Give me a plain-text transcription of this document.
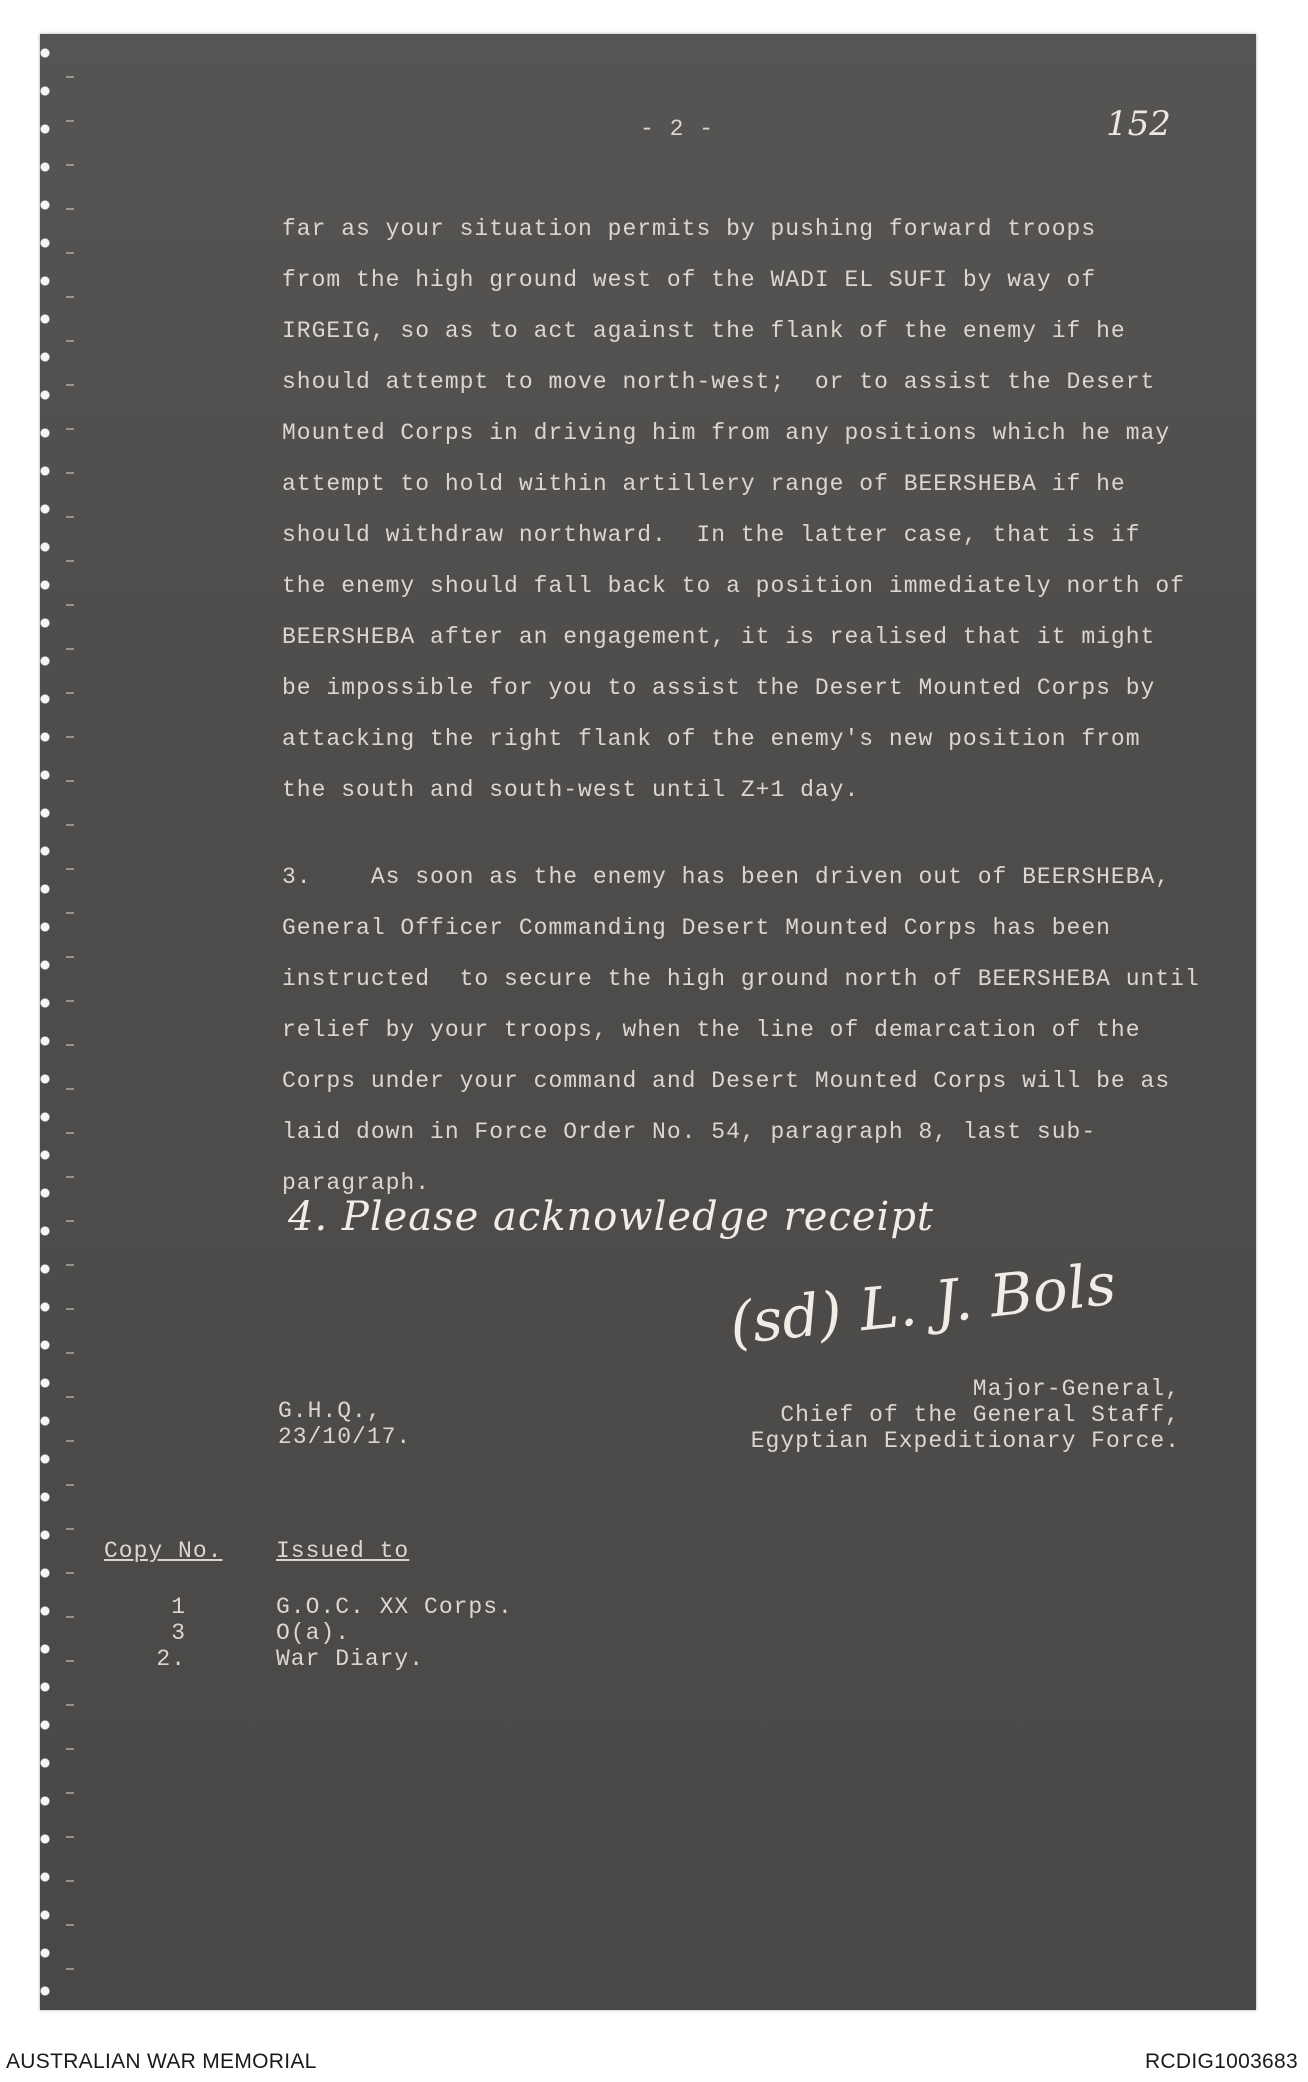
- 2 -	152
far as your situation permits by pushing forward troops
from the high ground west of the WADI EL SUFI by way of
IRGEIG, so as to act against the flank of the enemy if he
should attempt to move north-west;  or to assist the Desert
Mounted Corps in driving him from any positions which he may
attempt to hold within artillery range of BEERSHEBA if he
should withdraw northward.  In the latter case, that is if
the enemy should fall back to a position immediately north of
BEERSHEBA after an engagement, it is realised that it might
be impossible for you to assist the Desert Mounted Corps by
attacking the right flank of the enemy's new position from
the south and south-west until Z+1 day.
3.    As soon as the enemy has been driven out of BEERSHEBA,
General Officer Commanding Desert Mounted Corps has been
instructed  to secure the high ground north of BEERSHEBA until
relief by your troops, when the line of demarcation of the
Corps under your command and Desert Mounted Corps will be as
laid down in Force Order No. 54, paragraph 8, last sub-
paragraph.
4. Please acknowledge receipt
(sd) L. J. Bols
Major-General,
Chief of the General Staff,
Egyptian Expeditionary Force.
G.H.Q.,
23/10/17.
Copy No. Issued to
1	G.O.C. XX Corps.
3	O(a).
2.	War Diary.
AUSTRALIAN WAR MEMORIAL	RCDIG1003683
